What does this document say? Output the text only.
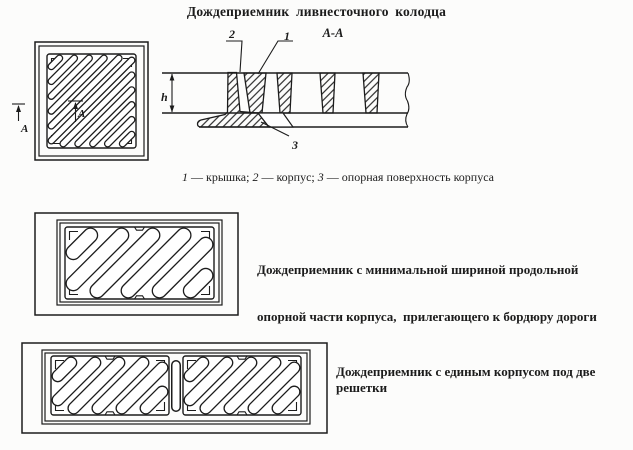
Дождеприемник ливнесточного колодца
А
А
h
2	1
3
А-А

1 — крышка; 2 — корпус; 3 — опорная поверхность корпуса

Дождеприемник с минимальной шириной продольной

опорной части корпуса,  прилегающего к бордюру дороги

Дождеприемник с единым корпусом под две решетки
